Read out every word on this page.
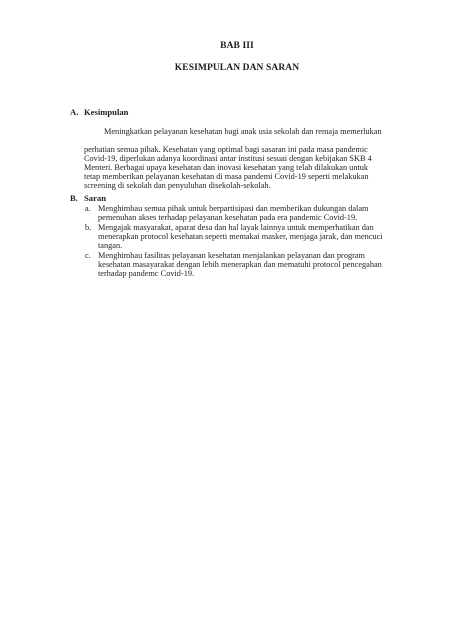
BAB III
KESIMPULAN DAN SARAN
A. Kesimpulan
Meningkatkan pelayanan kesehatan bagi anak usia sekolah dan remaja memerlukan
perhatian semua pihak. Kesehatan yang optimal bagi sasaran ini pada masa pandemic
Covid-19, diperlukan adanya koordinasi antar institusi sesuai dengan kebijakan SKB 4
Menteri. Berbagai upaya kesehatan dan inovasi kesehatan yang telah dilakukan untuk
tetap memberikan pelayanan kesehatan di masa pandemi Covid-19 seperti melakukan
screening di sekolah dan penyuluhan disekolah-sekolah.
B. Saran
a. Menghimbau semua pihak untuk berpartisipasi dan memberikan dukungan dalam
pemenuhan akses terhadap pelayanan kesehatan pada era pandemic Covid-19.
b. Mengajak masyarakat, aparat desa dan hal layak lainnya untuk memperhatikan dan
menerapkan protocol kesehatan seperti memakai masker, menjaga jarak, dan mencuci
tangan.
c. Menghimbau fasilitas pelayanan kesehatan menjalankan pelayanan dan program
kesehatan masayarakat dengan lebih menerapkan dan mematuhi protocol pencegahan
terhadap pandemc Covid-19.
